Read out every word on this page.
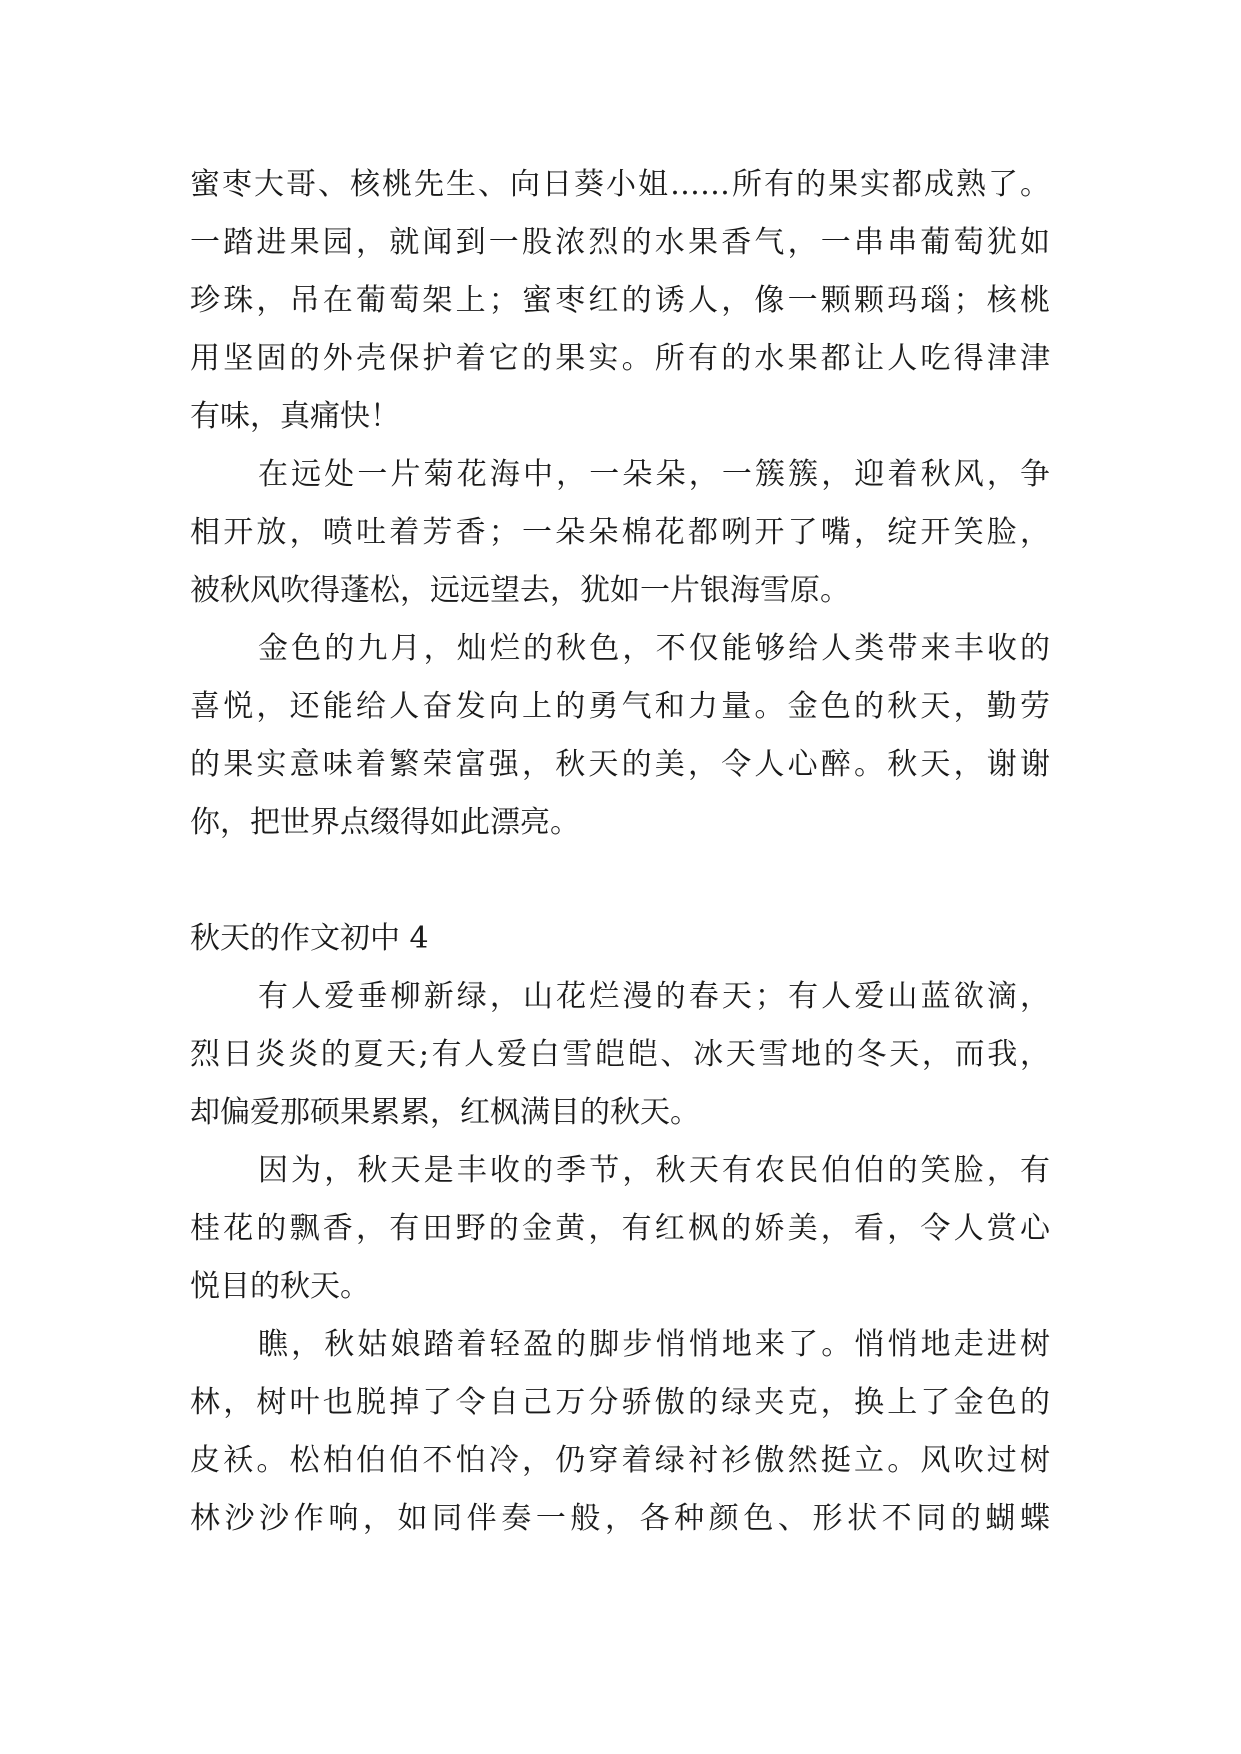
蜜枣大哥、核桃先生、向日葵小姐……所有的果实都成熟了。
一踏进果园，就闻到一股浓烈的水果香气，一串串葡萄犹如
珍珠，吊在葡萄架上；蜜枣红的诱人，像一颗颗玛瑙；核桃
用坚固的外壳保护着它的果实。所有的水果都让人吃得津津
有味，真痛快！
在远处一片菊花海中，一朵朵，一簇簇，迎着秋风，争
相开放，喷吐着芳香；一朵朵棉花都咧开了嘴，绽开笑脸，
被秋风吹得蓬松，远远望去，犹如一片银海雪原。
金色的九月，灿烂的秋色，不仅能够给人类带来丰收的
喜悦，还能给人奋发向上的勇气和力量。金色的秋天，勤劳
的果实意味着繁荣富强，秋天的美，令人心醉。秋天，谢谢
你，把世界点缀得如此漂亮。
秋天的作文初中 4
有人爱垂柳新绿，山花烂漫的春天；有人爱山蓝欲滴，
烈日炎炎的夏天;有人爱白雪皑皑、冰天雪地的冬天，而我，
却偏爱那硕果累累，红枫满目的秋天。
因为，秋天是丰收的季节，秋天有农民伯伯的笑脸，有
桂花的飘香，有田野的金黄，有红枫的娇美，看，令人赏心
悦目的秋天。
瞧，秋姑娘踏着轻盈的脚步悄悄地来了。悄悄地走进树
林，树叶也脱掉了令自己万分骄傲的绿夹克，换上了金色的
皮袄。松柏伯伯不怕冷，仍穿着绿衬衫傲然挺立。风吹过树
林沙沙作响，如同伴奏一般，各种颜色、形状不同的蝴蝶
